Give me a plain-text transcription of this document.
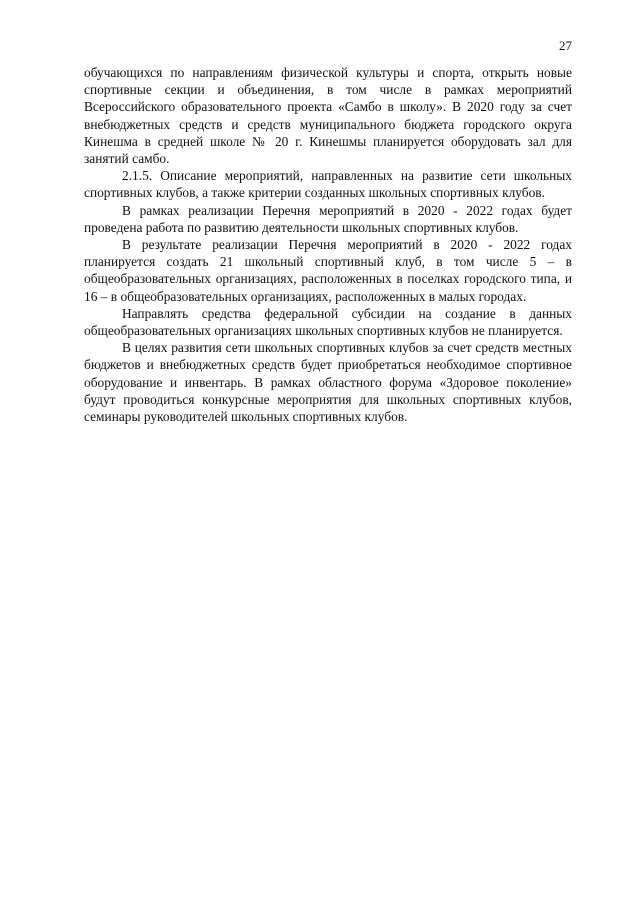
27

обучающихся по направлениям физической культуры и спорта, открыть новые спортивные секции и объединения, в том числе в рамках мероприятий Всероссийского образовательного проекта «Самбо в школу». В 2020 году за счет внебюджетных средств и средств муниципального бюджета городского округа Кинешма в средней школе № 20 г. Кинешмы планируется оборудовать зал для занятий самбо.

2.1.5. Описание мероприятий, направленных на развитие сети школьных спортивных клубов, а также критерии созданных школьных спортивных клубов.

В рамках реализации Перечня мероприятий в 2020 - 2022 годах будет проведена работа по развитию деятельности школьных спортивных клубов.

В результате реализации Перечня мероприятий в 2020 - 2022 годах планируется создать 21 школьный спортивный клуб, в том числе 5 – в общеобразовательных организациях, расположенных в поселках городского типа, и 16 – в общеобразовательных организациях, расположенных в малых городах.

Направлять средства федеральной субсидии на создание в данных общеобразовательных организациях школьных спортивных клубов не планируется.

В целях развития сети школьных спортивных клубов за счет средств местных бюджетов и внебюджетных средств будет приобретаться необходимое спортивное оборудование и инвентарь. В рамках областного форума «Здоровое поколение» будут проводиться конкурсные мероприятия для школьных спортивных клубов, семинары руководителей школьных спортивных клубов.
